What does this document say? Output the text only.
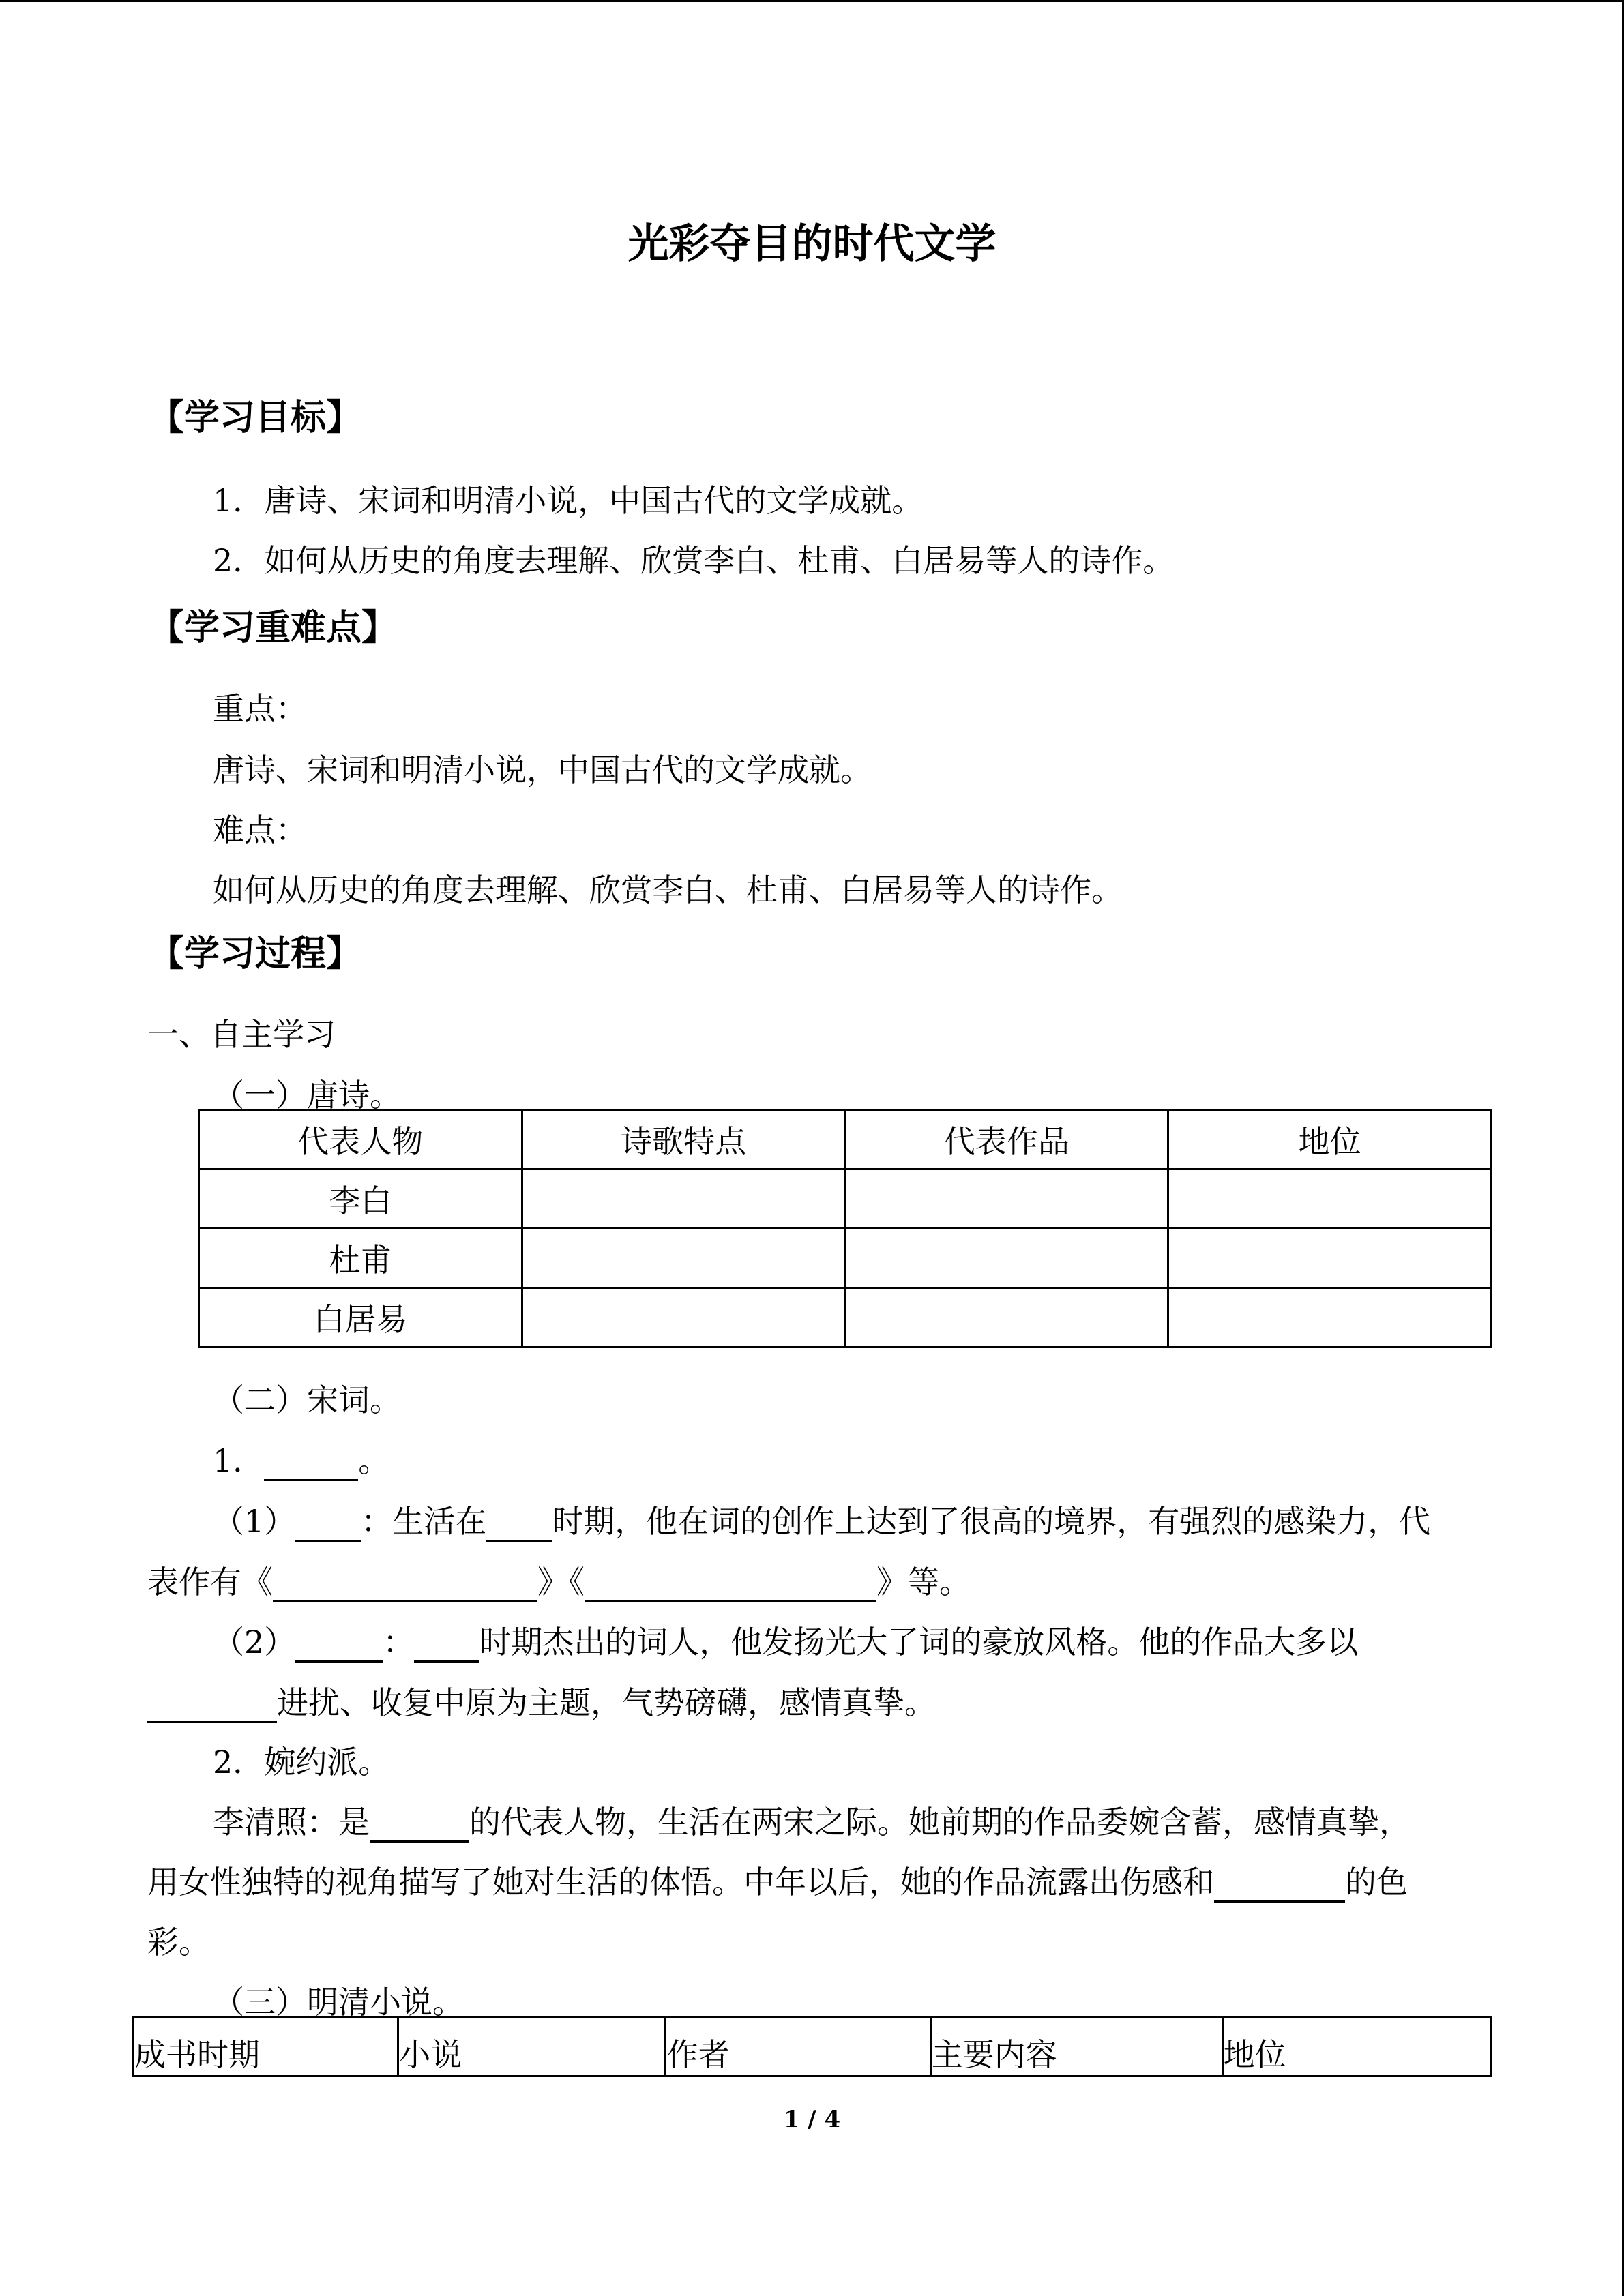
光彩夺目的时代文学
【学习目标】
1．唐诗、宋词和明清小说，中国古代的文学成就。
2．如何从历史的角度去理解、欣赏李白、杜甫、白居易等人的诗作。
【学习重难点】
重点：
唐诗、宋词和明清小说，中国古代的文学成就。
难点：
如何从历史的角度去理解、欣赏李白、杜甫、白居易等人的诗作。
【学习过程】
一、自主学习
（一）唐诗。
代表人物	诗歌特点	代表作品	地位
李白			
杜甫			
白居易			
（二）宋词。
1．	。
（1） ：生活在 时期，他在词的创作上达到了很高的境界，有强烈的感染力，代
表作有《	》《	》等。
（2）	： 时期杰出的词人，他发扬光大了词的豪放风格。他的作品大多以
进扰、收复中原为主题，气势磅礴，感情真挚。
2．婉约派。
李清照：是	的代表人物，生活在两宋之际。她前期的作品委婉含蓄，感情真挚，
用女性独特的视角描写了她对生活的体悟。中年以后，她的作品流露出伤感和	的色
彩。
（三）明清小说。
成书时期	小说	作者	主要内容	地位
1 / 4
